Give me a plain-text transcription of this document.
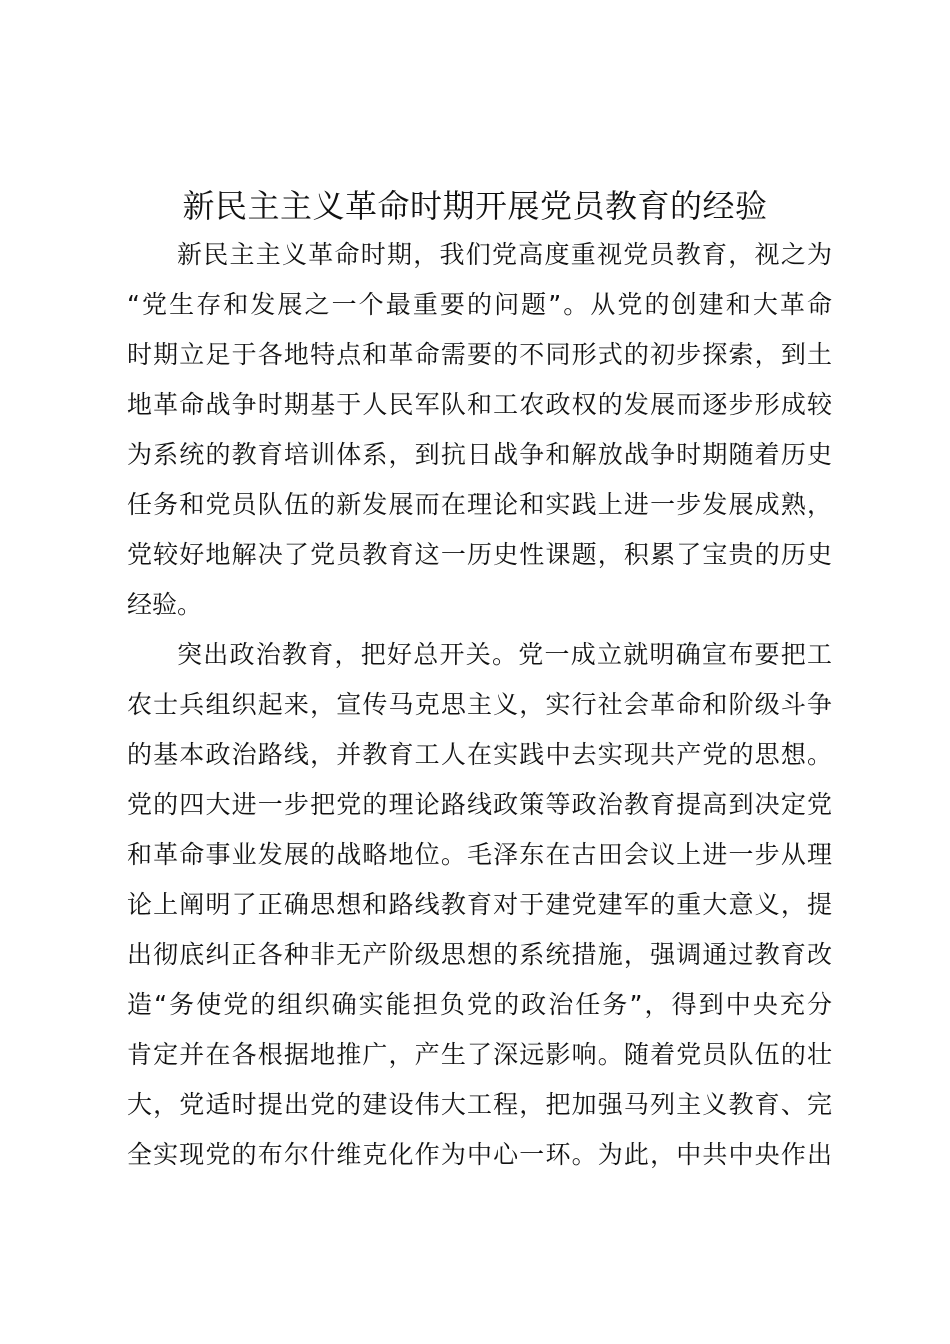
新民主主义革命时期开展党员教育的经验
新民主主义革命时期，我们党高度重视党员教育，视之为
“党生存和发展之一个最重要的问题”。从党的创建和大革命
时期立足于各地特点和革命需要的不同形式的初步探索，到土
地革命战争时期基于人民军队和工农政权的发展而逐步形成较
为系统的教育培训体系，到抗日战争和解放战争时期随着历史
任务和党员队伍的新发展而在理论和实践上进一步发展成熟，
党较好地解决了党员教育这一历史性课题，积累了宝贵的历史
经验。
突出政治教育，把好总开关。党一成立就明确宣布要把工
农士兵组织起来，宣传马克思主义，实行社会革命和阶级斗争
的基本政治路线，并教育工人在实践中去实现共产党的思想。
党的四大进一步把党的理论路线政策等政治教育提高到决定党
和革命事业发展的战略地位。毛泽东在古田会议上进一步从理
论上阐明了正确思想和路线教育对于建党建军的重大意义，提
出彻底纠正各种非无产阶级思想的系统措施，强调通过教育改
造“务使党的组织确实能担负党的政治任务”，得到中央充分
肯定并在各根据地推广，产生了深远影响。随着党员队伍的壮
大，党适时提出党的建设伟大工程，把加强马列主义教育、完
全实现党的布尔什维克化作为中心一环。为此，中共中央作出
